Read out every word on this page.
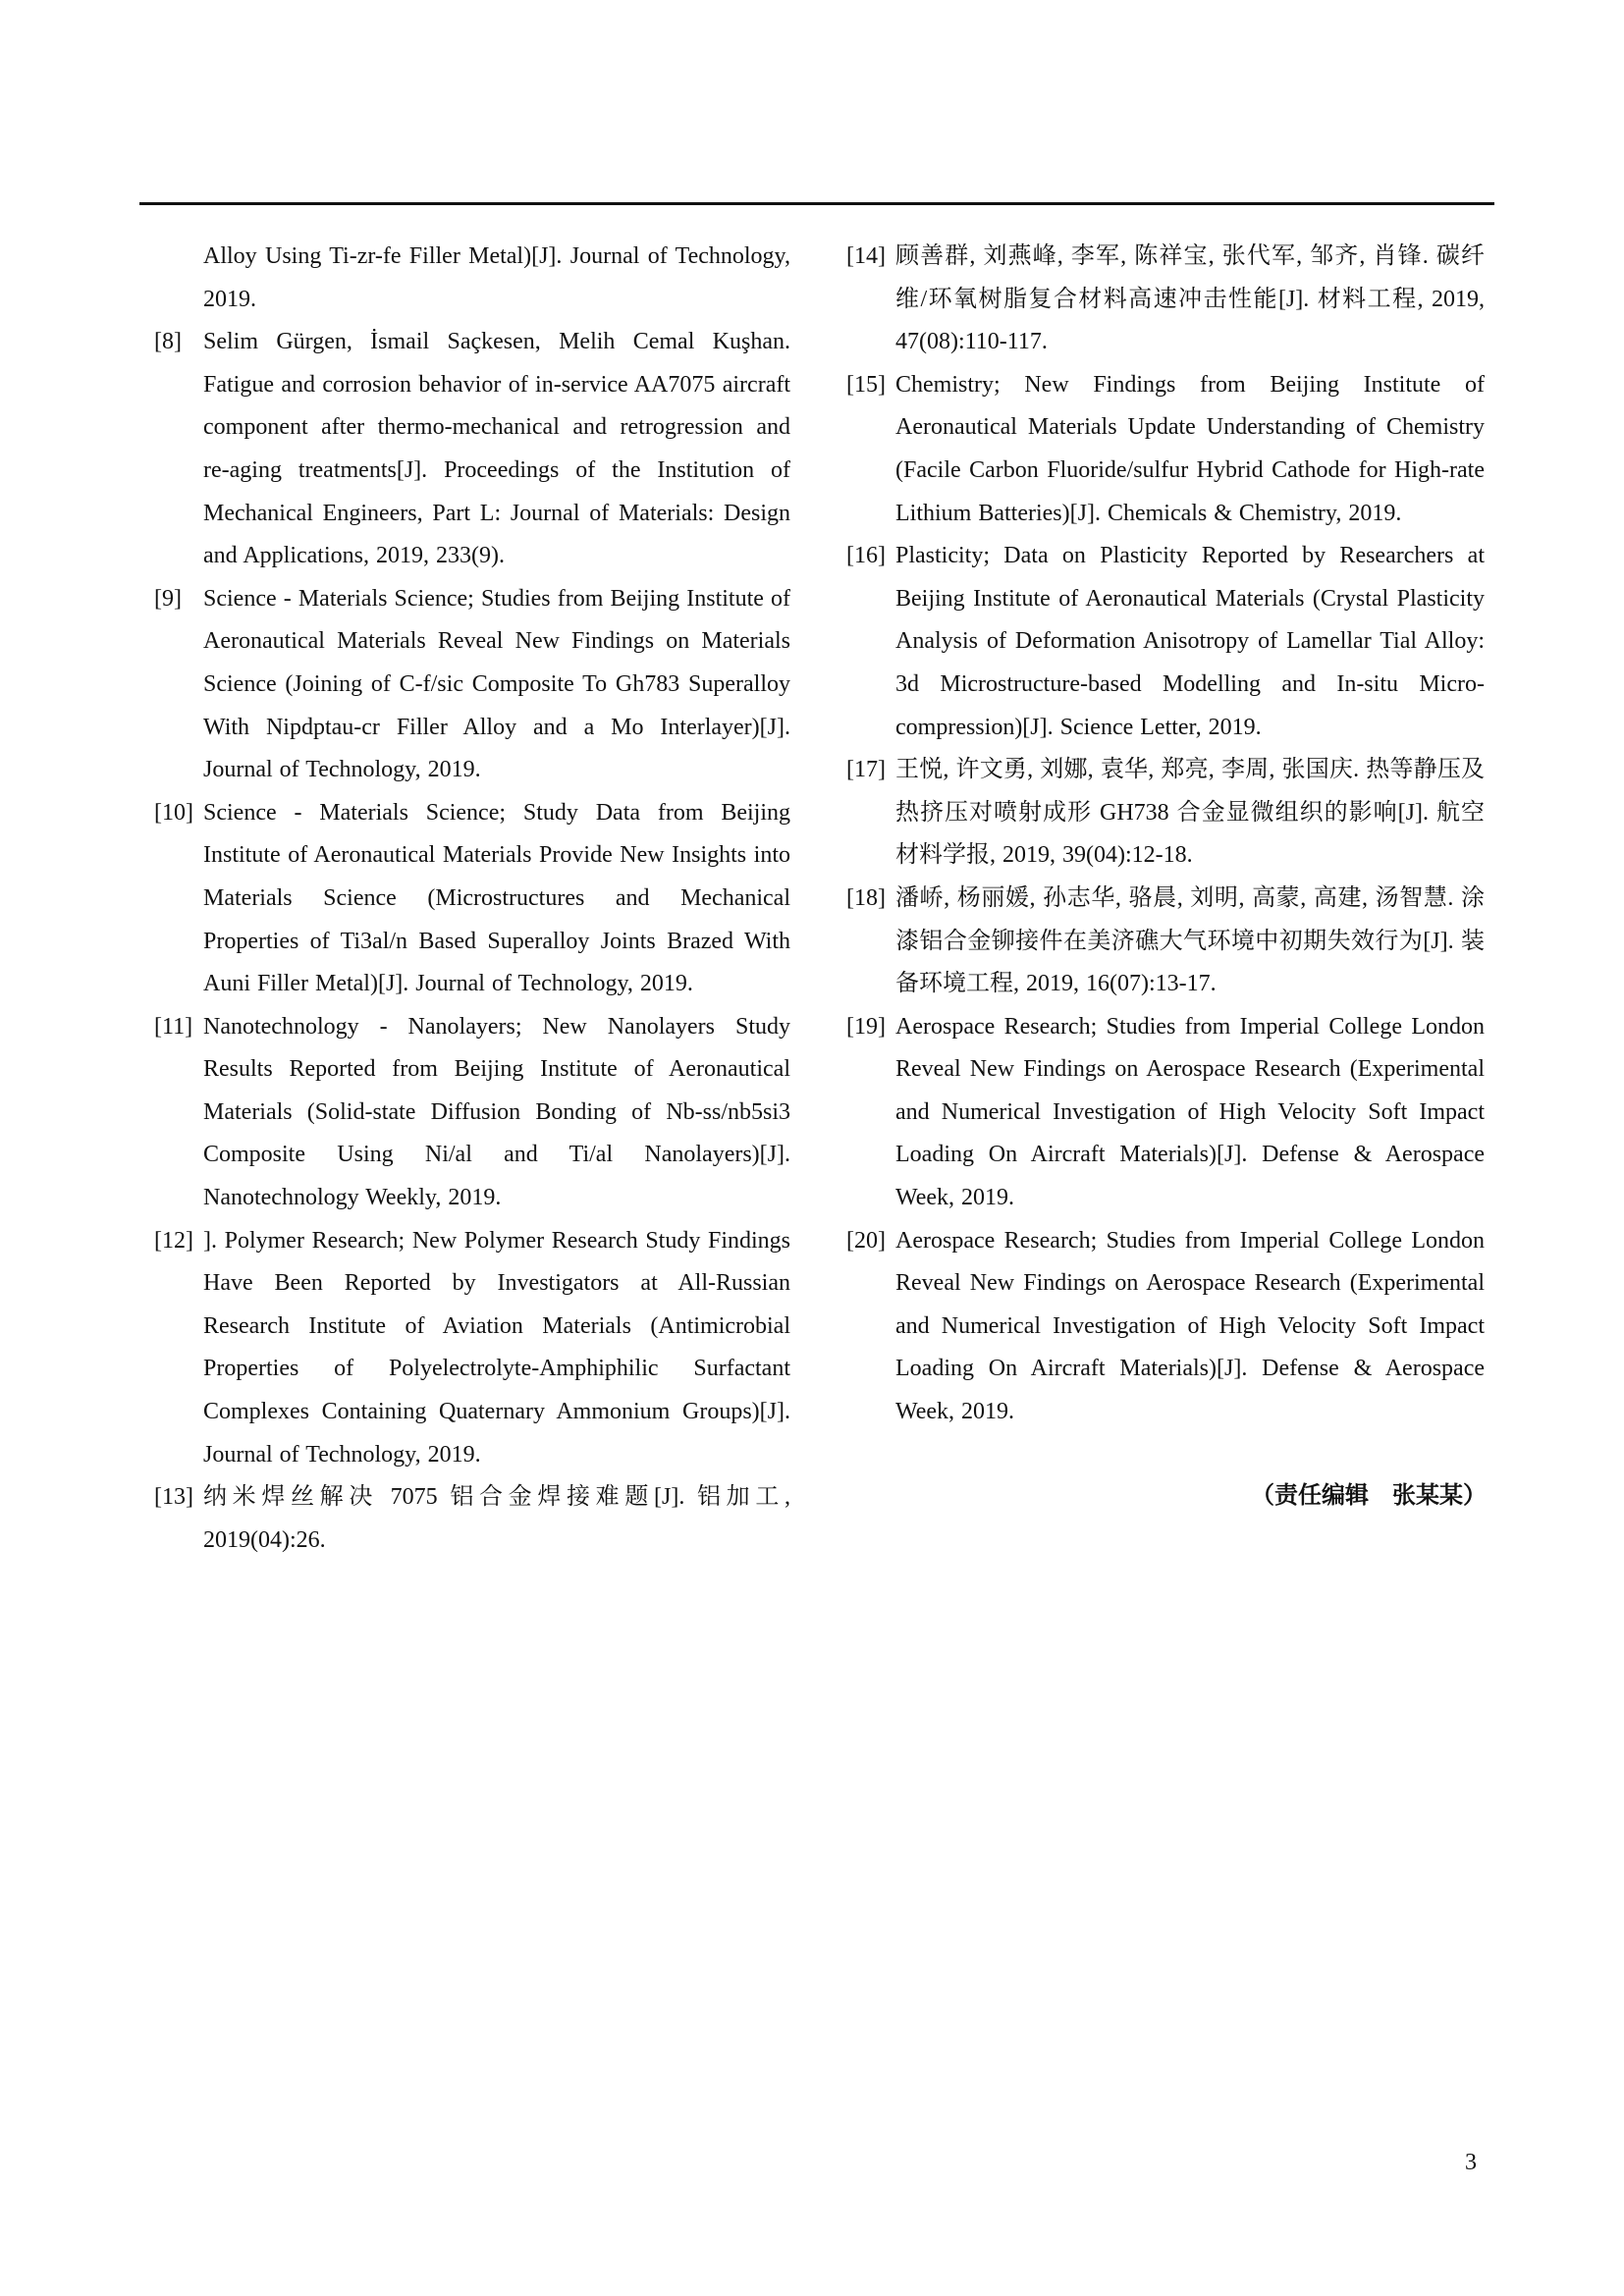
Alloy Using Ti-zr-fe Filler Metal)[J]. Journal of Technology, 2019.
[8] Selim Gürgen, İsmail Saçkesen, Melih Cemal Kuşhan. Fatigue and corrosion behavior of in-service AA7075 aircraft component after thermo-mechanical and retrogression and re-aging treatments[J]. Proceedings of the Institution of Mechanical Engineers, Part L: Journal of Materials: Design and Applications, 2019, 233(9).
[9] Science - Materials Science; Studies from Beijing Institute of Aeronautical Materials Reveal New Findings on Materials Science (Joining of C-f/sic Composite To Gh783 Superalloy With Nipdptau-cr Filler Alloy and a Mo Interlayer)[J]. Journal of Technology, 2019.
[10] Science - Materials Science; Study Data from Beijing Institute of Aeronautical Materials Provide New Insights into Materials Science (Microstructures and Mechanical Properties of Ti3al/n Based Superalloy Joints Brazed With Auni Filler Metal)[J]. Journal of Technology, 2019.
[11] Nanotechnology - Nanolayers; New Nanolayers Study Results Reported from Beijing Institute of Aeronautical Materials (Solid-state Diffusion Bonding of Nb-ss/nb5si3 Composite Using Ni/al and Ti/al Nanolayers)[J]. Nanotechnology Weekly, 2019.
[12] ]. Polymer Research; New Polymer Research Study Findings Have Been Reported by Investigators at All-Russian Research Institute of Aviation Materials (Antimicrobial Properties of Polyelectrolyte-Amphiphilic Surfactant Complexes Containing Quaternary Ammonium Groups)[J]. Journal of Technology, 2019.
[13] 纳米焊丝解决 7075 铝合金焊接难题[J]. 铝加工, 2019(04):26.
[14] 顾善群, 刘燕峰, 李军, 陈祥宝, 张代军, 邹齐, 肖锋. 碳纤维/环氧树脂复合材料高速冲击性能[J]. 材料工程, 2019, 47(08):110-117.
[15] Chemistry; New Findings from Beijing Institute of Aeronautical Materials Update Understanding of Chemistry (Facile Carbon Fluoride/sulfur Hybrid Cathode for High-rate Lithium Batteries)[J]. Chemicals & Chemistry, 2019.
[16] Plasticity; Data on Plasticity Reported by Researchers at Beijing Institute of Aeronautical Materials (Crystal Plasticity Analysis of Deformation Anisotropy of Lamellar Tial Alloy: 3d Microstructure-based Modelling and In-situ Micro-compression)[J]. Science Letter, 2019.
[17] 王悦, 许文勇, 刘娜, 袁华, 郑亮, 李周, 张国庆. 热等静压及热挤压对喷射成形 GH738 合金显微组织的影响[J]. 航空材料学报, 2019, 39(04):12-18.
[18] 潘峤, 杨丽媛, 孙志华, 骆晨, 刘明, 高蒙, 高建, 汤智慧. 涂漆铝合金铆接件在美济礁大气环境中初期失效行为[J]. 装备环境工程, 2019, 16(07):13-17.
[19] Aerospace Research; Studies from Imperial College London Reveal New Findings on Aerospace Research (Experimental and Numerical Investigation of High Velocity Soft Impact Loading On Aircraft Materials)[J]. Defense & Aerospace Week, 2019.
[20] Aerospace Research; Studies from Imperial College London Reveal New Findings on Aerospace Research (Experimental and Numerical Investigation of High Velocity Soft Impact Loading On Aircraft Materials)[J]. Defense & Aerospace Week, 2019.
（责任编辑　张某某）
3
